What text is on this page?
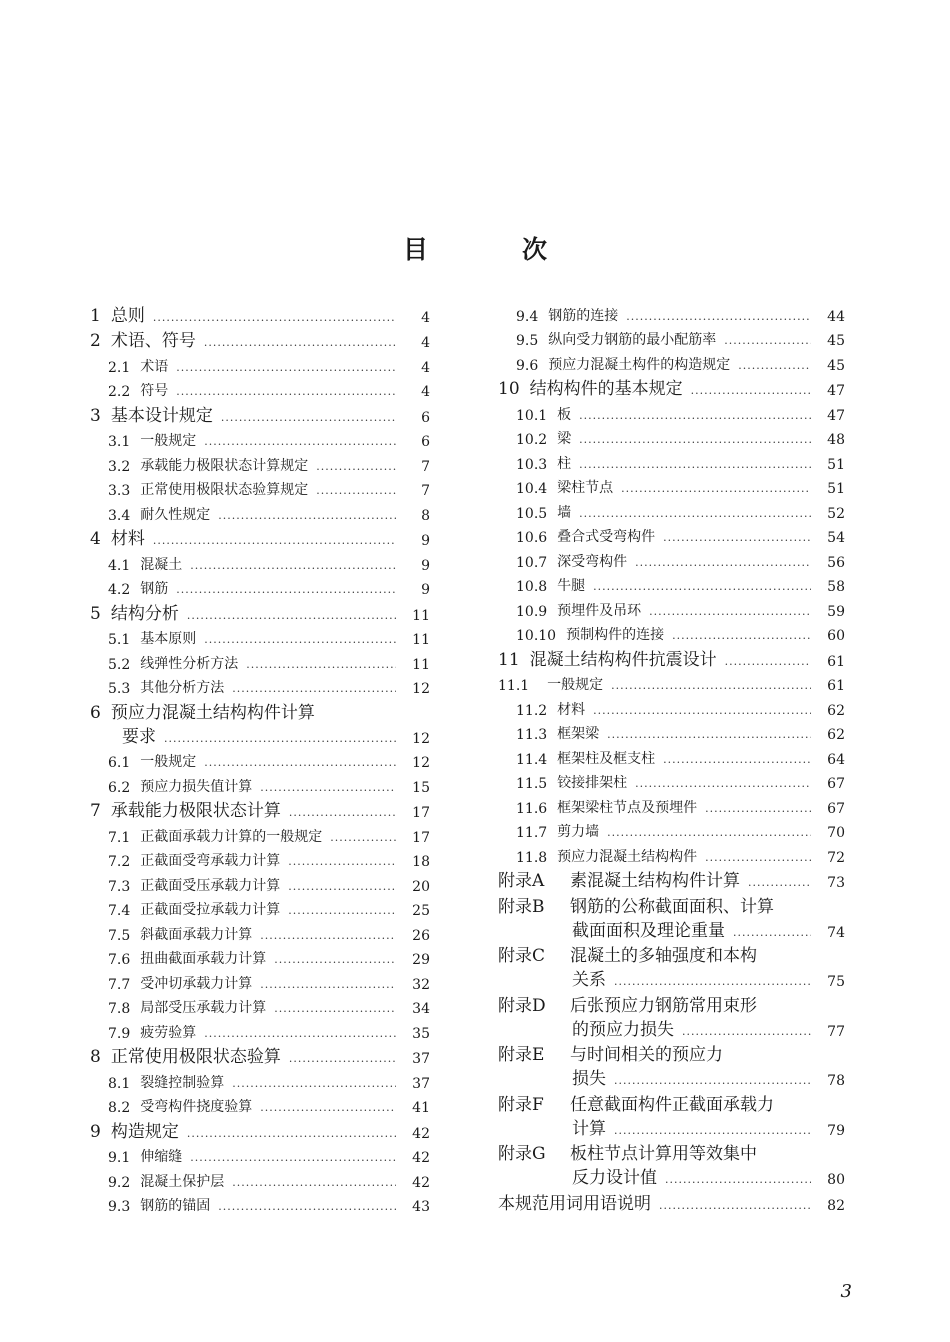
目	次
1 总则 ·····	4
2 术语、符号 ·····	4
2.1 术语 ·····	4
2.2 符号 ·····	4
3 基本设计规定 ·····	6
3.1 一般规定 ·····	6
3.2 承载能力极限状态计算规定 ·····	7
3.3 正常使用极限状态验算规定 ·····	7
3.4 耐久性规定 ·····	8
4 材料 ·····	9
4.1 混凝土 ·····	9
4.2 钢筋 ·····	9
5 结构分析 ·····	11
5.1 基本原则 ·····	11
5.2 线弹性分析方法 ·····	11
5.3 其他分析方法 ·····	12
6 预应力混凝土结构构件计算
要求 ·····	12
6.1 一般规定 ·····	12
6.2 预应力损失值计算 ·····	15
7 承载能力极限状态计算 ·····	17
7.1 正截面承载力计算的一般规定 ·····	17
7.2 正截面受弯承载力计算 ·····	18
7.3 正截面受压承载力计算 ·····	20
7.4 正截面受拉承载力计算 ·····	25
7.5 斜截面承载力计算 ·····	26
7.6 扭曲截面承载力计算 ·····	29
7.7 受冲切承载力计算 ·····	32
7.8 局部受压承载力计算 ·····	34
7.9 疲劳验算 ·····	35
8 正常使用极限状态验算 ·····	37
8.1 裂缝控制验算 ·····	37
8.2 受弯构件挠度验算 ·····	41
9 构造规定 ·····	42
9.1 伸缩缝 ·····	42
9.2 混凝土保护层 ·····	42
9.3 钢筋的锚固 ·····	43
9.4 钢筋的连接 ·····	44
9.5 纵向受力钢筋的最小配筋率 ·····	45
9.6 预应力混凝土构件的构造规定 ·····	45
10 结构构件的基本规定 ·····	47
10.1 板 ·····	47
10.2 梁 ·····	48
10.3 柱 ·····	51
10.4 梁柱节点 ·····	51
10.5 墙 ·····	52
10.6 叠合式受弯构件 ·····	54
10.7 深受弯构件 ·····	56
10.8 牛腿 ·····	58
10.9 预埋件及吊环 ·····	59
10.10 预制构件的连接 ·····	60
11 混凝土结构构件抗震设计 ·····	61
11.1 一般规定 ·····	61
11.2 材料 ·····	62
11.3 框架梁 ·····	62
11.4 框架柱及框支柱 ·····	64
11.5 铰接排架柱 ·····	67
11.6 框架梁柱节点及预埋件 ·····	67
11.7 剪力墙 ·····	70
11.8 预应力混凝土结构构件 ·····	72
附录A	素混凝土结构构件计算 ·····	73
附录B	钢筋的公称截面面积、计算
截面面积及理论重量 ·····	74
附录C	混凝土的多轴强度和本构
关系 ·····	75
附录D	后张预应力钢筋常用束形
的预应力损失 ·····	77
附录E	与时间相关的预应力
损失 ·····	78
附录F	任意截面构件正截面承载力
计算 ·····	79
附录G	板柱节点计算用等效集中
反力设计值 ·····	80
本规范用词用语说明 ·····	82
3
